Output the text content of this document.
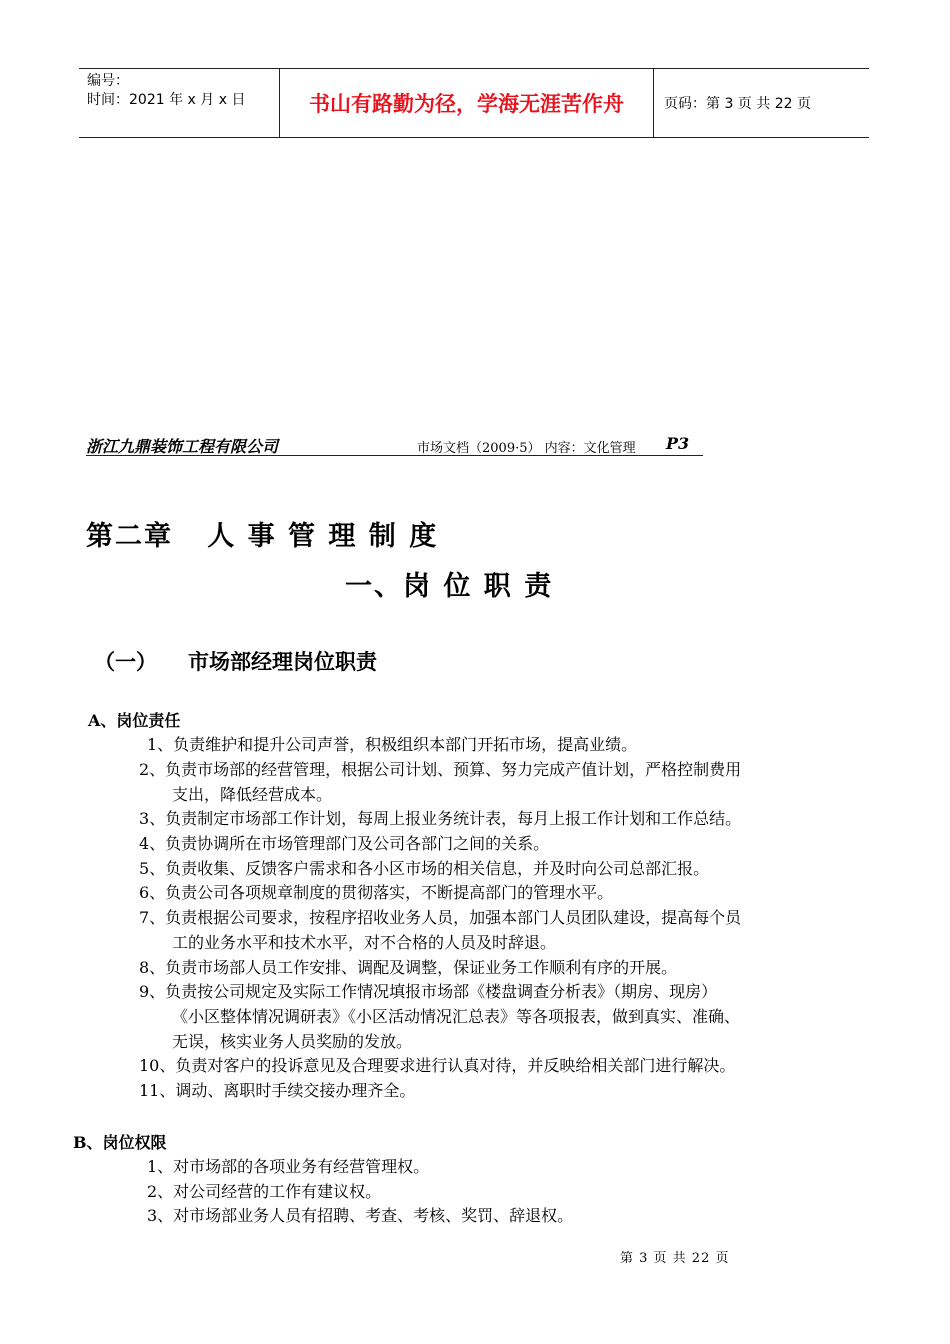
编号：
时间：2021 年 x 月 x 日	书山有路勤为径，学海无涯苦作舟	页码：第 3 页 共 22 页
浙江九鼎装饰工程有限公司	市场文档（2009·5） 内容：文化管理 P3
第二章   人 事 管 理 制 度
一、岗 位 职 责
（一） 市场部经理岗位职责
A、岗位责任
1、负责维护和提升公司声誉，积极组织本部门开拓市场，提高业绩。
2、负责市场部的经营管理，根据公司计划、预算、努力完成产值计划，严格控制费用
支出，降低经营成本。
3、负责制定市场部工作计划，每周上报业务统计表，每月上报工作计划和工作总结。
4、负责协调所在市场管理部门及公司各部门之间的关系。
5、负责收集、反馈客户需求和各小区市场的相关信息，并及时向公司总部汇报。
6、负责公司各项规章制度的贯彻落实，不断提高部门的管理水平。
7、负责根据公司要求，按程序招收业务人员，加强本部门人员团队建设，提高每个员
工的业务水平和技术水平，对不合格的人员及时辞退。
8、负责市场部人员工作安排、调配及调整，保证业务工作顺利有序的开展。
9、负责按公司规定及实际工作情况填报市场部《楼盘调查分析表》（期房、现房）
《小区整体情况调研表》《小区活动情况汇总表》等各项报表，做到真实、准确、
无误，核实业务人员奖励的发放。
10、负责对客户的投诉意见及合理要求进行认真对待，并反映给相关部门进行解决。
11、调动、离职时手续交接办理齐全。
B、岗位权限
1、对市场部的各项业务有经营管理权。
2、对公司经营的工作有建议权。
3、对市场部业务人员有招聘、考查、考核、奖罚、辞退权。
第 3 页 共 22 页
